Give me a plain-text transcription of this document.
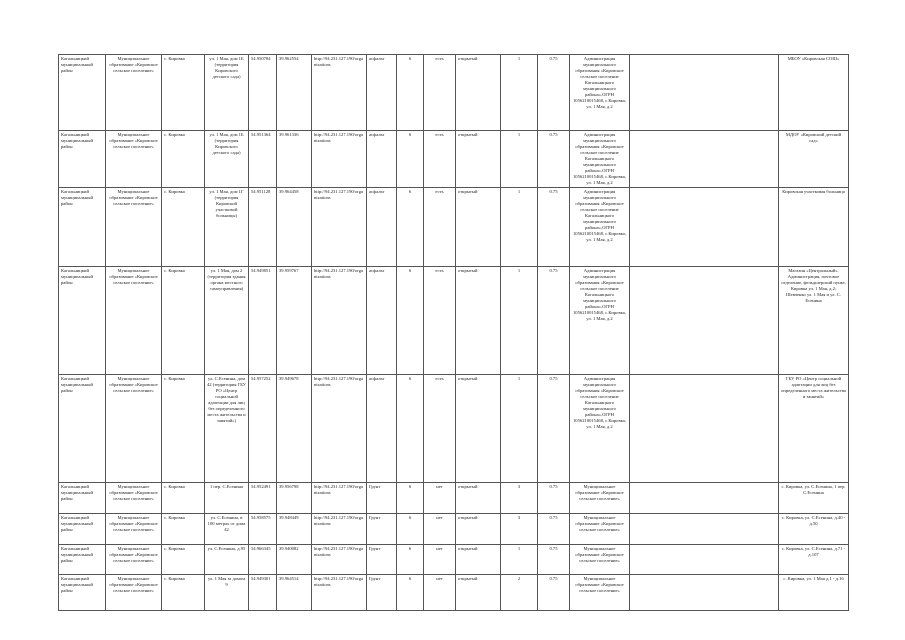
Кагальницкий муниципальный район	Муниципальное образование «Кировское сельское поселение»	с. Кировка	ул. 1 Мая, дом 1Б (территория Кировского детского сада)	54.950784	39.962554	http://94.231.127.190/organizations	асфальт	6	есть	открытый	1	0.75	Администрация муниципального образования «Кировское сельское поселение Кагальницкого муниципального района»,ОГРН 1056210015468, с.Кировка, ул. 1 Мая, д.2		МБОУ «Кировская СОШ»
Кагальницкий муниципальный район	Муниципальное образование «Кировское сельское поселение»	с. Кировка	ул. 1 Мая, дом 1Б (территория Кировского детского сада)	54.951364	39.961336	http://94.231.127.190/organizations	асфальт	6	есть	открытый	1	0.75	Администрация муниципального образования «Кировское сельское поселение Кагальницкого муниципального района»,ОГРН 1056210015468, с.Кировка, ул. 1 Мая, д.2		МДОУ «Кировский детский сад»
Кагальницкий муниципальный район	Муниципальное образование «Кировское сельское поселение»	с. Кировка	ул. 1 Мая, дом 1Г (территория Кировской участковой больницы)	54.951128	39.964458	http://94.231.127.190/organizations	асфальт	6	есть	открытый	1	0.75	Администрация муниципального образования «Кировское сельское поселение Кагальницкого муниципального района»,ОГРН 1056210015468, с.Кировка, ул. 1 Мая, д.2		Кировская участковая больница
Кагальницкий муниципальный район	Муниципальное образование «Кировское сельское поселение»	с. Кировка	ул. 1 Мая, дом 2 (территория здания органа местного самоуправления)	54.949851	39.959767	http://94.231.127.190/organizations	асфальт	6	есть	открытый	1	0.75	Администрация муниципального образования «Кировское сельское поселение Кагальницкого муниципального района»,ОГРН 1056210015468, с.Кировка, ул. 1 Мая, д.2		Магазин «Центральный», Администрация, почтовое отделение, фельдшерский пункт, Кировка ул. 1 Мая, д.2; Шевченко ул. 1 Мая и ул. С. Есенина
Кагальницкий муниципальный район	Муниципальное образование «Кировское сельское поселение»	с. Кировка	ул. С.Есенина, дом 42 (территория ГБУ РО «Центр социальной адаптации для лиц без определенного места жительства и занятий»)	54.957252	39.949678	http://94.231.127.190/organizations	асфальт	6	есть	открытый	1	0.75	Администрация муниципального образования «Кировское сельское поселение Кагальницкого муниципального района»,ОГРН 1056210015468, с.Кировка, ул. 1 Мая, д.2		ГБУ РО «Центр социальной адаптации для лиц без определенного места жительства и занятий»
Кагальницкий муниципальный район	Муниципальное образование «Кировское сельское поселение»	с. Кировка	1 пер. С.Есенина	54.952491	39.956798	http://94.231.127.190/organizations	Грунт	6	нет	открытый	3	0.75	Муниципальное образование «Кировское сельское поселение»		с. Кировка, ул. С.Есенина, 1 пер. С.Есенина
Кагальницкий муниципальный район	Муниципальное образование «Кировское сельское поселение»	с. Кировка	ул. С.Есенина, в 100 метрах от дома 42	54.958575	39.948449	http://94.231.127.190/organizations	Грунт	6	нет	открытый	3	0.75	Муниципальное образование «Кировское сельское поселение»		с. Кировка, ул. С.Есенина, д.40 - д.50
Кагальницкий муниципальный район	Муниципальное образование «Кировское сельское поселение»	с. Кировка	ул. С.Есенина, д.95	54.966345	39.940082	http://94.231.127.190/organizations	Грунт	6	нет	открытый	1	0.75	Муниципальное образование «Кировское сельское поселение»		с. Кировка, ул. С.Есенина, д.71 - д.107
Кагальницкий муниципальный район	Муниципальное образование «Кировское сельское поселение»	с. Кировка	ул. 1 Мая за домом 9	54.949301	39.964514	http://94.231.127.190/organizations	Грунт	6	нет	открытый	2	0.75	Муниципальное образование «Кировское сельское поселение»		с. Кировка, ул. 1 Мая д.1 - д.16
